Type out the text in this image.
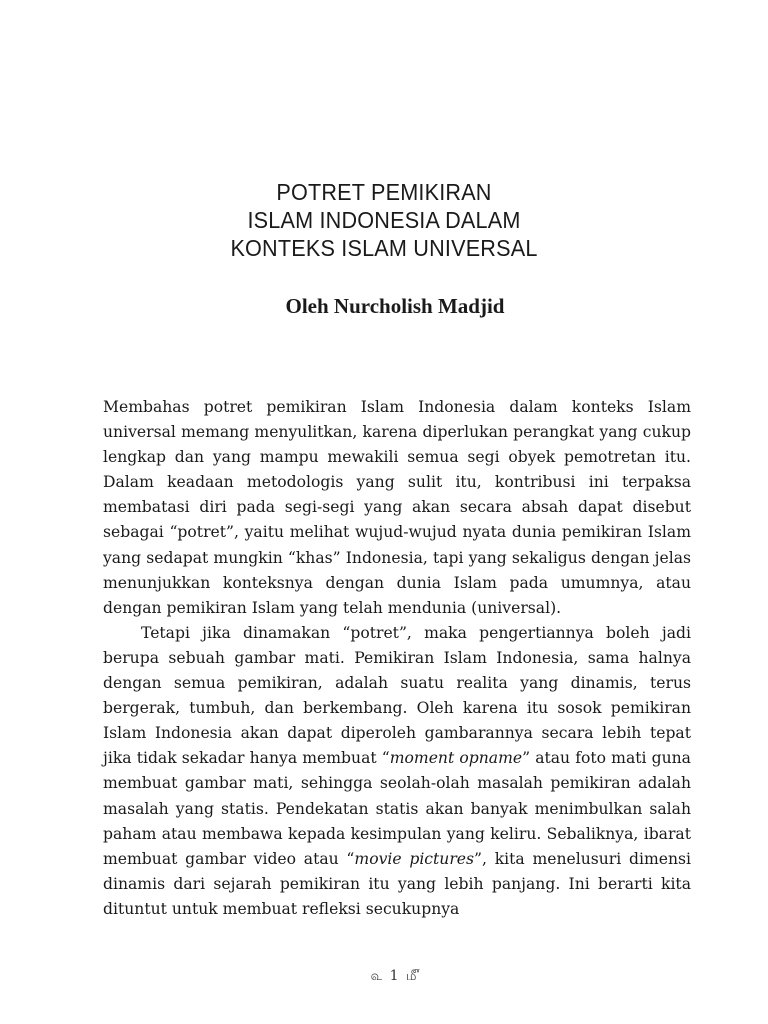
POTRET PEMIKIRAN
ISLAM INDONESIA DALAM
KONTEKS ISLAM UNIVERSAL
Oleh Nurcholish Madjid

Membahas potret pemikiran Islam Indonesia dalam konteks Islam universal memang menyulitkan, karena diperlukan perangkat yang cukup lengkap dan yang mampu mewakili semua segi obyek pemotretan itu. Dalam keadaan metodologis yang sulit itu, kontribusi ini terpaksa membatasi diri pada segi-segi yang akan secara absah dapat disebut sebagai “potret”, yaitu melihat wujud-wujud nyata dunia pemikiran Islam yang sedapat mungkin “khas” Indonesia, tapi yang sekaligus dengan jelas menunjukkan konteksnya dengan dunia Islam pada umumnya, atau dengan pemikiran Islam yang telah mendunia (universal).

Tetapi jika dinamakan “potret”, maka pengertiannya boleh jadi berupa sebuah gambar mati. Pemikiran Islam Indonesia, sama halnya dengan semua pemikiran, adalah suatu realita yang dinamis, terus bergerak, tumbuh, dan berkembang. Oleh karena itu sosok pemikiran Islam Indonesia akan dapat diperoleh gambarannya secara lebih tepat jika tidak sekadar hanya membuat “moment opname” atau foto mati guna membuat gambar mati, sehingga seolah-olah masalah pemikiran adalah masalah yang statis. Pendekatan statis akan banyak menimbulkan salah paham atau membawa kepada kesimpulan yang keliru. Sebaliknya, ibarat membuat gambar video atau “movie pictures”, kita menelusuri dimensi dinamis dari sejarah pemikiran itu yang lebih panjang. Ini berarti kita dituntut untuk membuat refleksi secukupnya

௳ 1 ௴
